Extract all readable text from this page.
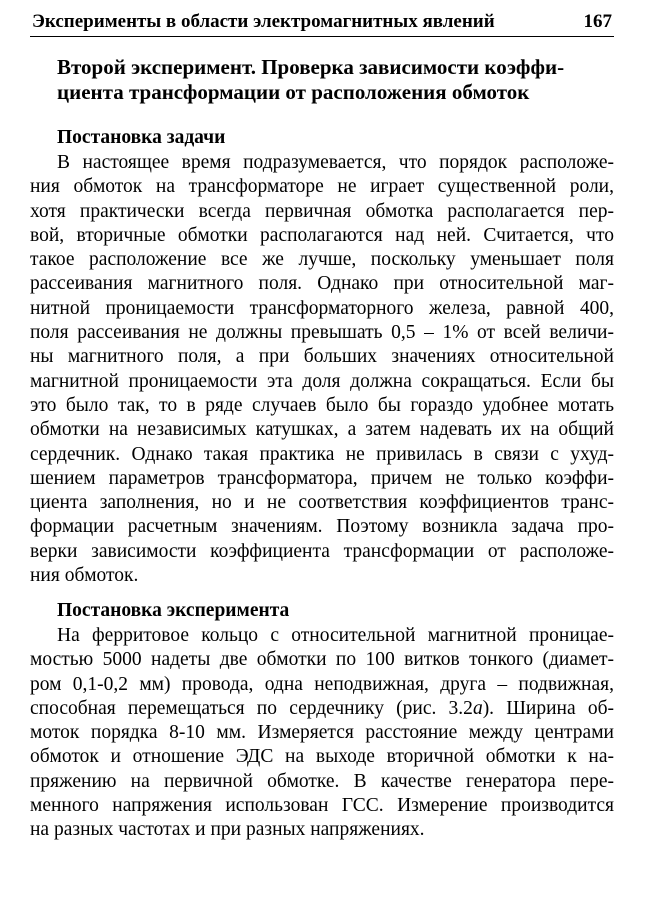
Эксперименты в области электромагнитных явлений	167
Второй эксперимент. Проверка зависимости коэффи-
циента трансформации от расположения обмоток
Постановка задачи
В настоящее время подразумевается, что порядок расположе-
ния обмоток на трансформаторе не играет существенной роли,
хотя практически всегда первичная обмотка располагается пер-
вой, вторичные обмотки располагаются над ней. Считается, что
такое расположение все же лучше, поскольку уменьшает поля
рассеивания магнитного поля. Однако при относительной маг-
нитной проницаемости трансформаторного железа, равной 400,
поля рассеивания не должны превышать 0,5 – 1% от всей величи-
ны магнитного поля, а при больших значениях относительной
магнитной проницаемости эта доля должна сокращаться. Если бы
это было так, то в ряде случаев было бы гораздо удобнее мотать
обмотки на независимых катушках, а затем надевать их на общий
сердечник. Однако такая практика не привилась в связи с ухуд-
шением параметров трансформатора, причем не только коэффи-
циента заполнения, но и не соответствия коэффициентов транс-
формации расчетным значениям. Поэтому возникла задача про-
верки зависимости коэффициента трансформации от расположе-
ния обмоток.
Постановка эксперимента
На ферритовое кольцо с относительной магнитной проницае-
мостью 5000 надеты две обмотки по 100 витков тонкого (диамет-
ром 0,1-0,2 мм) провода, одна неподвижная, друга – подвижная,
способная перемещаться по сердечнику (рис. 3.2а). Ширина об-
моток порядка 8-10 мм. Измеряется расстояние между центрами
обмоток и отношение ЭДС на выходе вторичной обмотки к на-
пряжению на первичной обмотке. В качестве генератора пере-
менного напряжения использован ГСС. Измерение производится
на разных частотах и при разных напряжениях.
